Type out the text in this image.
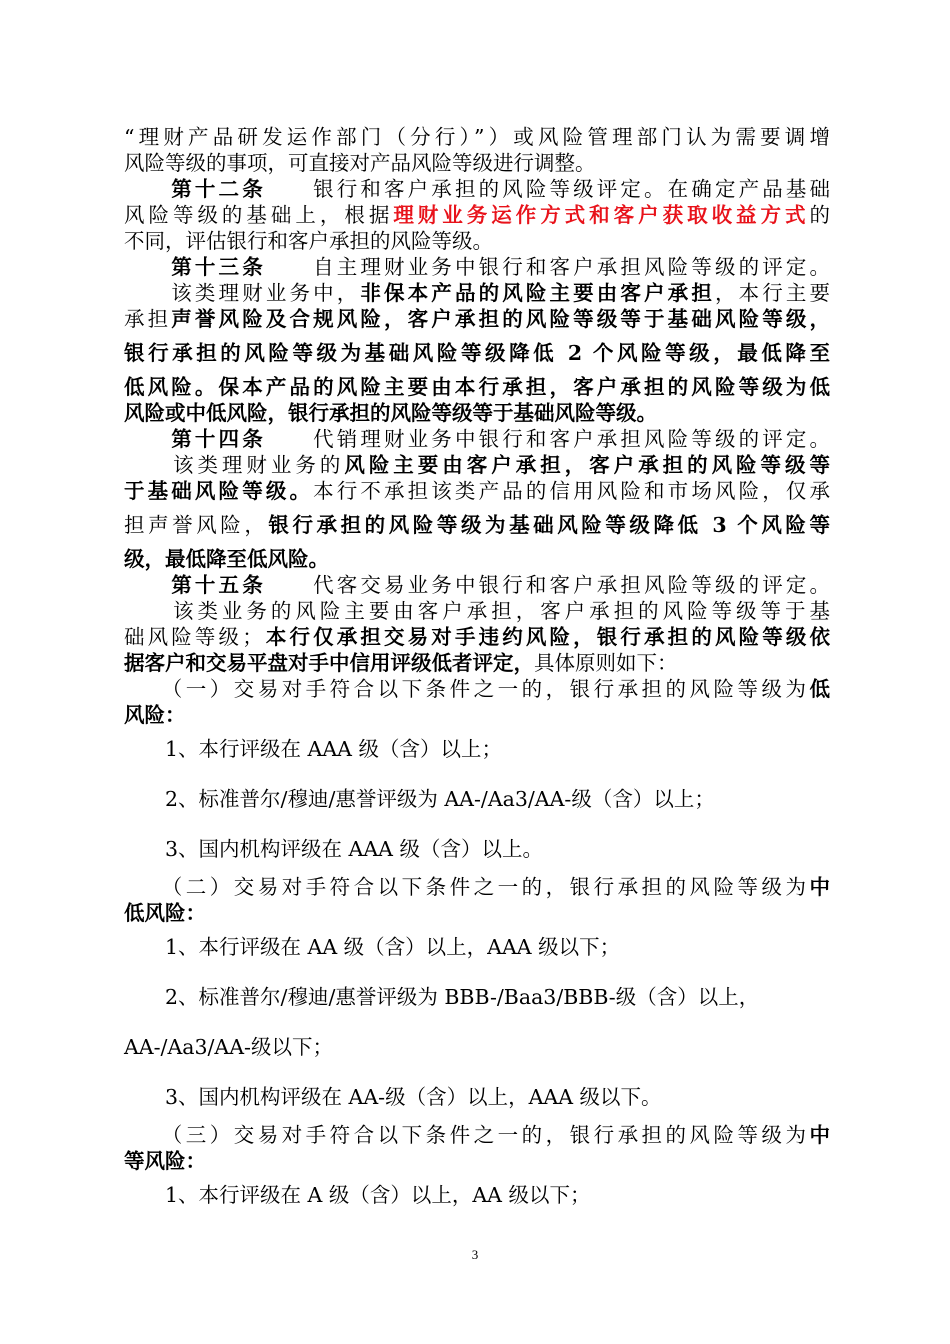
“理财产品研发运作部门（分行）”）或风险管理部门认为需要调增
风险等级的事项，可直接对产品风险等级进行调整。
　　第十二条　　银行和客户承担的风险等级评定。在确定产品基础
风险等级的基础上，根据理财业务运作方式和客户获取收益方式的
不同，评估银行和客户承担的风险等级。
　　第十三条　　自主理财业务中银行和客户承担风险等级的评定。
　　该类理财业务中，非保本产品的风险主要由客户承担，本行主要
承担声誉风险及合规风险，客户承担的风险等级等于基础风险等级，
银行承担的风险等级为基础风险等级降低 2 个风险等级，最低降至
低风险。保本产品的风险主要由本行承担，客户承担的风险等级为低
风险或中低风险，银行承担的风险等级等于基础风险等级。
　　第十四条　　代销理财业务中银行和客户承担风险等级的评定。
　　该类理财业务的风险主要由客户承担，客户承担的风险等级等
于基础风险等级。本行不承担该类产品的信用风险和市场风险，仅承
担声誉风险，银行承担的风险等级为基础风险等级降低 3 个风险等
级，最低降至低风险。
　　第十五条　　代客交易业务中银行和客户承担风险等级的评定。
　　该类业务的风险主要由客户承担，客户承担的风险等级等于基
础风险等级；本行仅承担交易对手违约风险，银行承担的风险等级依
据客户和交易平盘对手中信用评级低者评定，具体原则如下：
　　（一）交易对手符合以下条件之一的，银行承担的风险等级为低
风险：
　　1、本行评级在 AAA 级（含）以上；
　　2、标准普尔/穆迪/惠誉评级为 AA-/Aa3/AA-级（含）以上；
　　3、国内机构评级在 AAA 级（含）以上。
　　（二）交易对手符合以下条件之一的，银行承担的风险等级为中
低风险：
　　1、本行评级在 AA 级（含）以上，AAA 级以下；
　　2、标准普尔/穆迪/惠誉评级为 BBB-/Baa3/BBB-级（含）以上，
AA-/Aa3/AA-级以下；
　　3、国内机构评级在 AA-级（含）以上，AAA 级以下。
　　（三）交易对手符合以下条件之一的，银行承担的风险等级为中
等风险：
　　1、本行评级在 A 级（含）以上，AA 级以下；
3
